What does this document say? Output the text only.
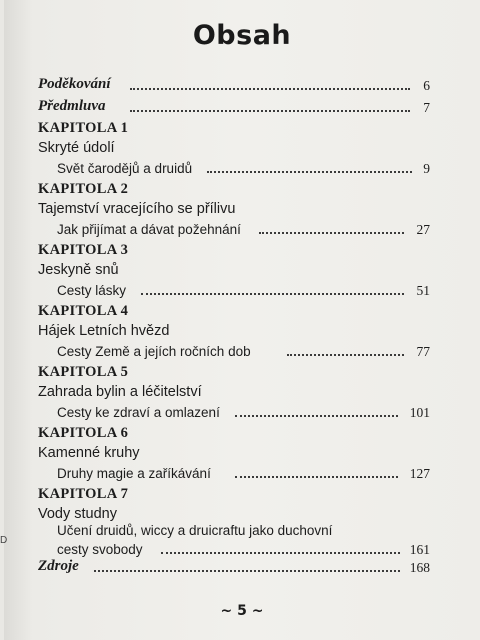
Obsah
Poděkování	6
Předmluva	7
KAPITOLA 1
Skryté údolí
Svět čarodějů a druidů	9
KAPITOLA 2
Tajemství vracejícího se přílivu
Jak přijímat a dávat požehnání	27
KAPITOLA 3
Jeskyně snů
Cesty lásky	51
KAPITOLA 4
Hájek Letních hvězd
Cesty Země a jejích ročních dob	77
KAPITOLA 5
Zahrada bylin a léčitelství
Cesty ke zdraví a omlazení	101
KAPITOLA 6
Kamenné kruhy
Druhy magie a zaříkávání	127
KAPITOLA 7
Vody studny
Učení druidů, wiccy a druicraftu jako duchovní
cesty svobody	161
Zdroje	168
~ 5 ~
D
